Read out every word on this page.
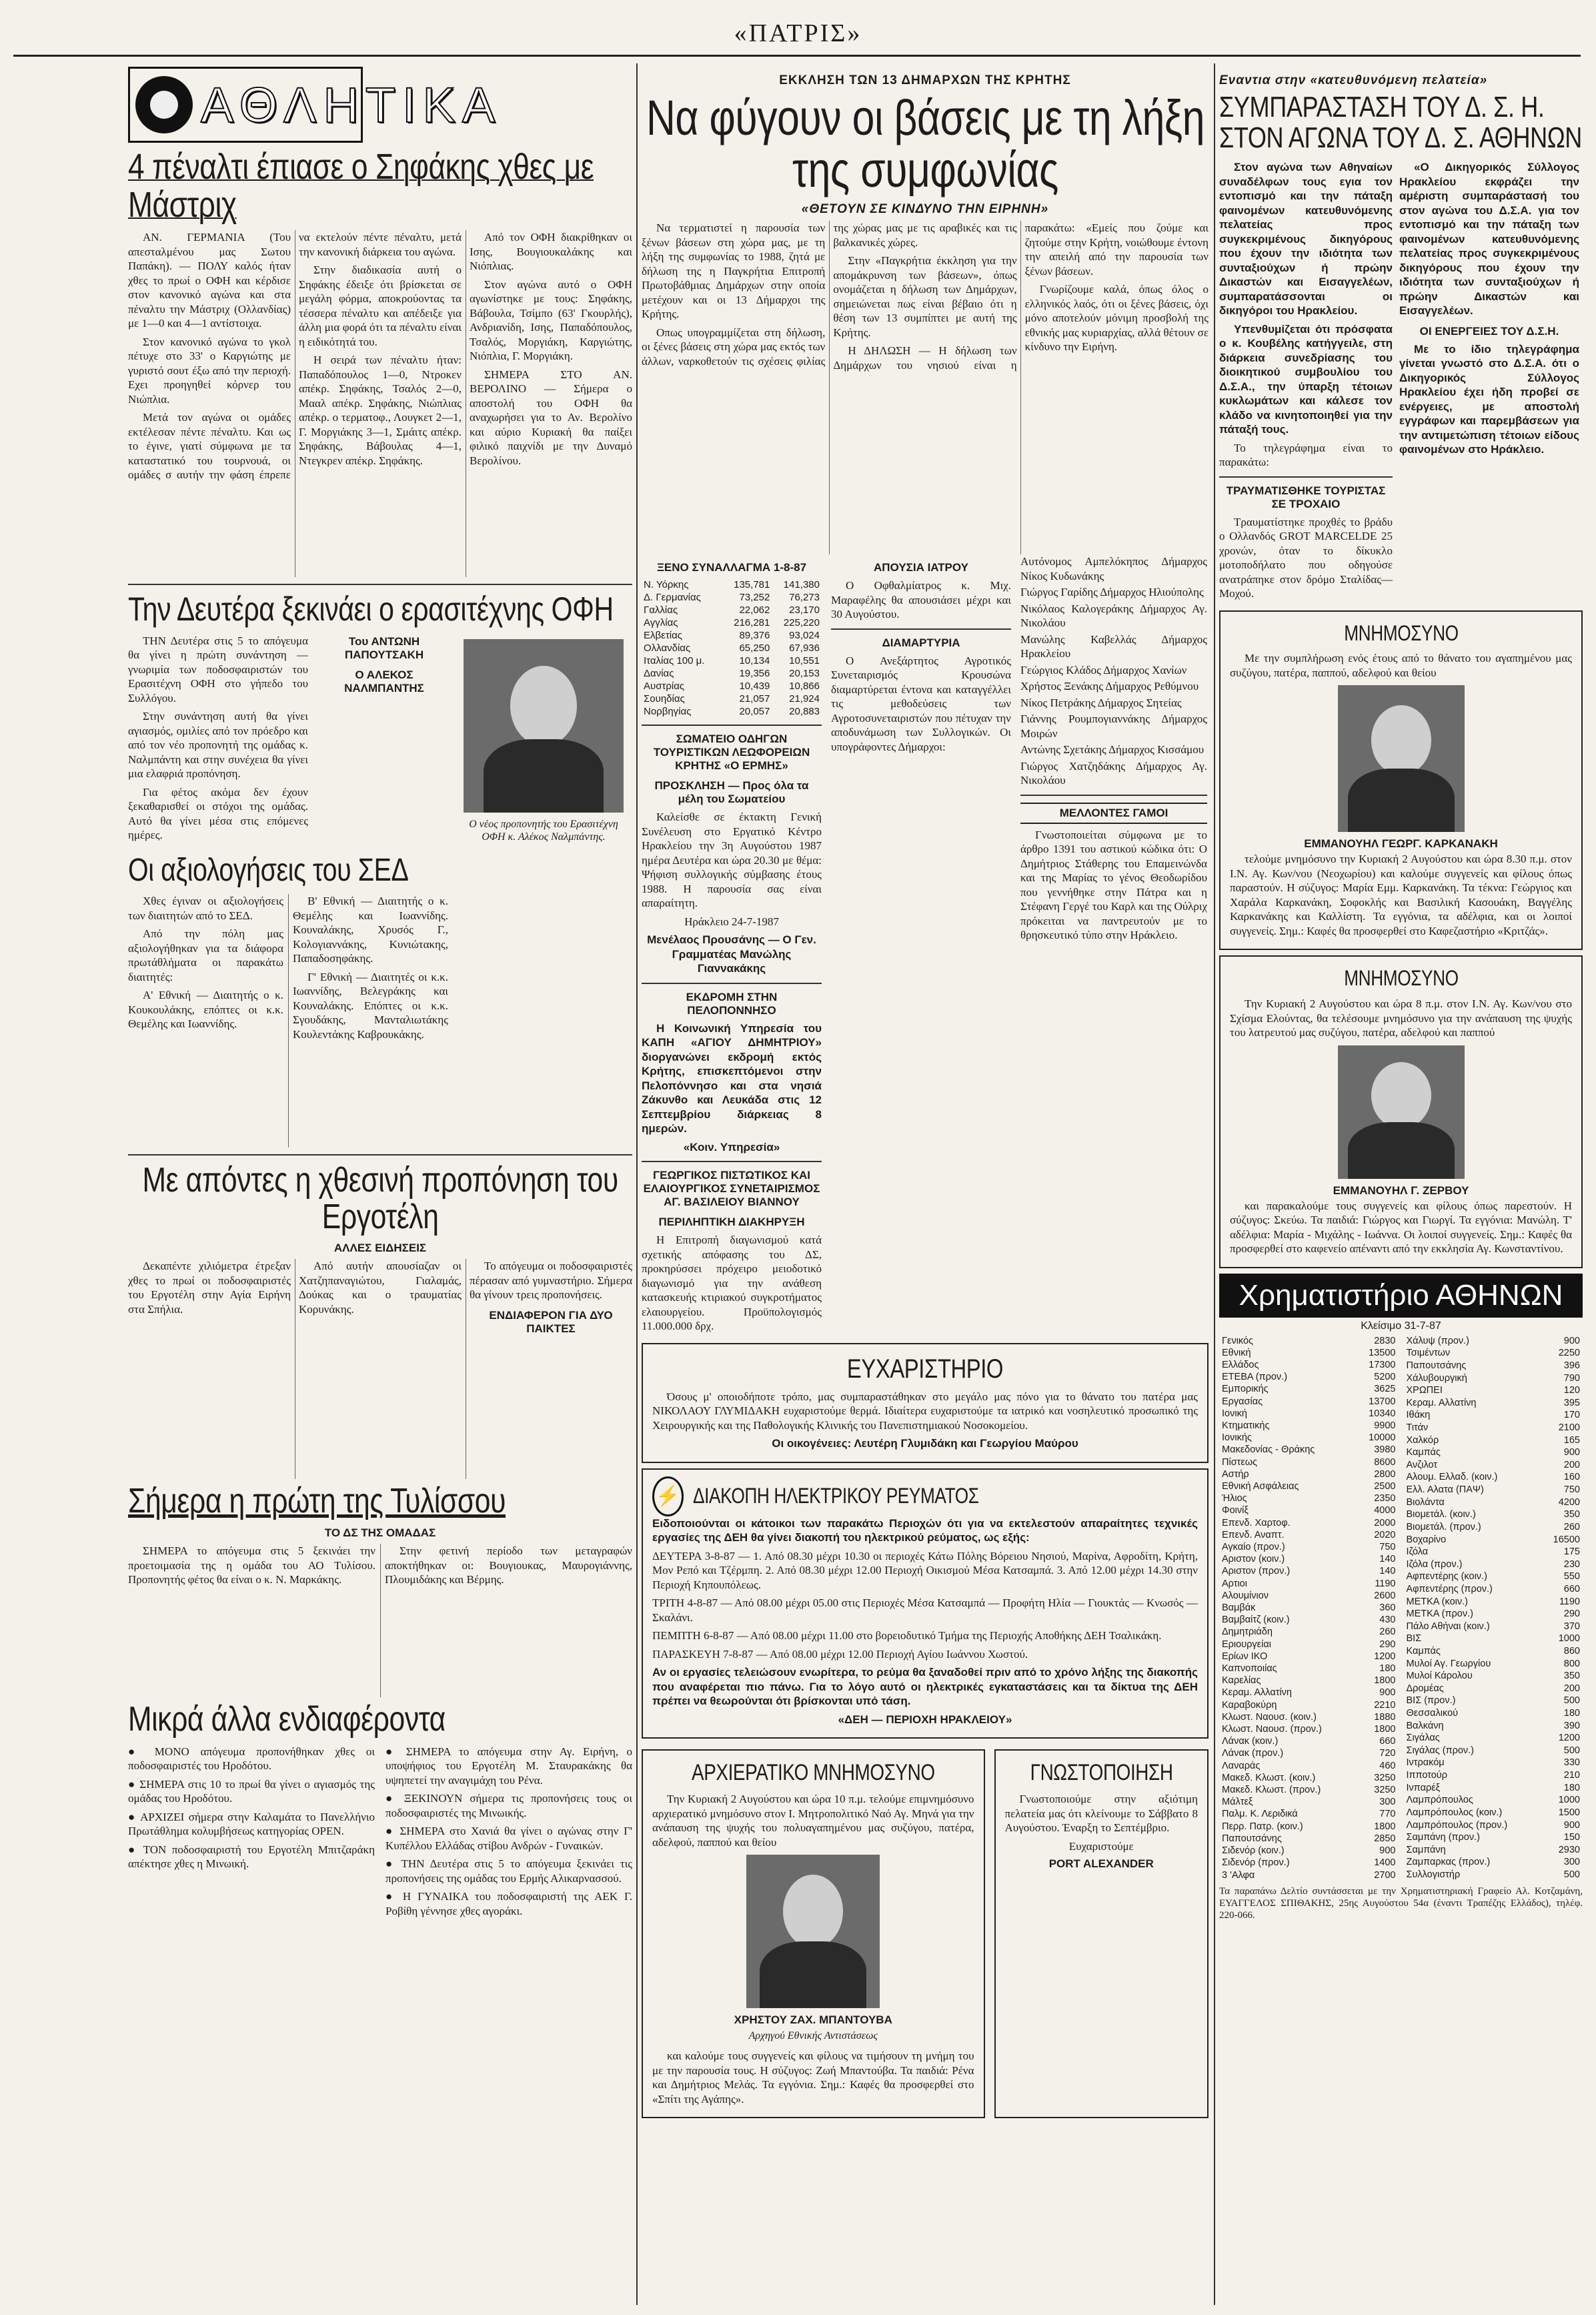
«ΠΑΤΡΙΣ»
ΑΘΛΗΤΙΚΑ
4 πέναλτι έπιασε ο Σηφάκης χθες με Μάστριχ

ΑΝ. ΓΕΡΜΑΝΙΑ (Του απεσταλμένου μας Σωτου Παπάκη). — ΠΟΛΥ καλός ήταν χθες το πρωί ο ΟΦΗ και κέρδισε στον κανονικό αγώνα και στα πέναλτυ την Μάστριχ (Ολλανδίας) με 1—0 και 4—1 αντίστοιχα.

Στον κανονικό αγώνα το γκολ πέτυχε στο 33' ο Καργιώτης με γυριστό σουτ έξω από την περιοχή. Εχει προηγηθεί κόρνερ του Νιώπλια.

Μετά τον αγώνα οι ομάδες εκτέλεσαν πέντε πέναλτυ. Και ως το έγινε, γιατί σύμφωνα με τα καταστατικό του τουρνουά, οι ομάδες σ αυτήν την φάση έπρεπε να εκτελούν πέντε πέναλτυ, μετά την κανονική διάρκεια του αγώνα.

Στην διαδικασία αυτή ο Σηφάκης έδειξε ότι βρίσκεται σε μεγάλη φόρμα, αποκρούοντας τα τέσσερα πέναλτυ και απέδειξε για άλλη μια φορά ότι τα πέναλτυ είναι η ειδικότητά του.

Η σειρά των πέναλτυ ήταν: Παπαδόπουλος 1—0, Ντροκεν απέκρ. Σηφάκης, Τσαλός 2—0, Μααλ απέκρ. Σηφάκης, Νιώπλιας απέκρ. ο τερματοφ., Λουγκετ 2—1, Γ. Μοργιάκης 3—1, Σμάιτς απέκρ. Σηφάκης, Βάβουλας 4—1, Ντεγκρεν απέκρ. Σηφάκης.

Από τον ΟΦΗ διακρίθηκαν οι Ισης, Βουγιουκαλάκης και Νιόπλιας.

Στον αγώνα αυτό ο ΟΦΗ αγωνίστηκε με τους: Σηφάκης, Βάβουλα, Τσίμπο (63' Γκουρλής), Ανδριανίδη, Ισης, Παπαδόπουλος, Τσαλός, Μοργιάκη, Καργιώτης, Νιόπλια, Γ. Μοργιάκη.

ΣΗΜΕΡΑ ΣΤΟ ΑΝ. ΒΕΡΟΛΙΝΟ — Σήμερα ο αποστολή του ΟΦΗ θα αναχωρήσει για το Αν. Βερολίνο και αύριο Κυριακή θα παίξει φιλικό παιχνίδι με την Δυναμό Βερολίνου.

Την Δευτέρα ξεκινάει ο ερασιτέχνης ΟΦΗ

ΤΗΝ Δευτέρα στις 5 το απόγευμα θα γίνει η πρώτη συνάντηση — γνωριμία των ποδοσφαιριστών του Ερασιτέχνη ΟΦΗ στο γήπεδο του Συλλόγου.

Στην συνάντηση αυτή θα γίνει αγιασμός, ομιλίες από τον πρόεδρο και από τον νέο προπονητή της ομάδας κ. Ναλμπάντη και στην συνέχεια θα γίνει μια ελαφριά προπόνηση.

Για φέτος ακόμα δεν έχουν ξεκαθαρισθεί οι στόχοι της ομάδας. Αυτό θα γίνει μέσα στις επόμενες ημέρες.

Του ΑΝΤΩΝΗ ΠΑΠΟΥΤΣΑΚΗ
Ο ΑΛΕΚΟΣ ΝΑΛΜΠΑΝΤΗΣ
Ο νέος προπονητής του Ερασιτέχνη ΟΦΗ κ. Αλέκος Ναλμπάντης.
Οι αξιολογήσεις του ΣΕΔ

Χθες έγιναν οι αξιολογήσεις των διαιτητών από το ΣΕΔ.

Από την πόλη μας αξιολογήθηκαν για τα διάφορα πρωτάθλήματα οι παρακάτω διαιτητές:

Α' Εθνική — Διαιτητής ο κ. Κουκουλάκης, επόπτες οι κ.κ. Θεμέλης και Ιωαννίδης.

Β' Εθνική — Διαιτητής ο κ. Θεμέλης και Ιωαννίδης. Κουναλάκης, Χρυσός Γ., Κολογιαννάκης, Κυνιώτακης, Παπαδοσηφάκης.

Γ' Εθνική — Διαιτητές οι κ.κ. Ιωαννίδης, Βελεγράκης και Κουναλάκης. Επόπτες οι κ.κ. Σγουδάκης, Μανταλιωτάκης Κουλεντάκης Καβρουκάκης.

Με απόντες η χθεσινή προπόνηση του Εργοτέλη
ΑΛΛΕΣ ΕΙΔΗΣΕΙΣ

Δεκαπέντε χιλιόμετρα έτρεξαν χθες το πρωί οι ποδοσφαιριστές του Εργοτέλη στην Αγία Ειρήνη στα Σπήλια.

Από αυτήν απουσίαζαν οι Χατζηπαναγιώτου, Γιαλαμάς, Δούκας και ο τραυματίας Κορυνάκης.

Το απόγευμα οι ποδοσφαιριστές πέρασαν από γυμναστήριο. Σήμερα θα γίνουν τρεις προπονήσεις.

ΕΝΔΙΑΦΕΡΟΝ ΓΙΑ ΔΥΟ ΠΑΙΚΤΕΣ
Σήμερα η πρώτη της Τυλίσσου
ΤΟ ΔΣ ΤΗΣ ΟΜΑΔΑΣ

ΣΗΜΕΡΑ το απόγευμα στις 5 ξεκινάει την προετοιμασία της η ομάδα του ΑΟ Τυλίσου. Προπονητής φέτος θα είναι ο κ. Ν. Μαρκάκης.

Στην φετινή περίοδο των μεταγραφών αποκτήθηκαν οι: Βουγιουκας, Μαυρογιάννης, Πλουμιδάκης και Βέρμης.

Μικρά άλλα ενδιαφέροντα

● ΜΟΝΟ απόγευμα προπονήθηκαν χθες οι ποδοσφαιριστές του Ηροδότου.

● ΣΗΜΕΡΑ στις 10 το πρωί θα γίνει ο αγιασμός της ομάδας του Ηροδότου.

● ΑΡΧΙΖΕΙ σήμερα στην Καλαμάτα το Πανελλήνιο Πρωτάθλημα κολυμβήσεως κατηγορίας ΟΡΕΝ.

● ΤΟΝ ποδοσφαιριστή του Εργοτέλη Μπιτζαράκη απέκτησε χθες η Μινωική.

● ΣΗΜΕΡΑ το απόγευμα στην Αγ. Ειρήνη, ο υποψήφιος του Εργοτέλη Μ. Σταυρακάκης θα υψηπετεί την αναγιμάχη του Ρένα.

● ΞΕΚΙΝΟΥΝ σήμερα τις προπονήσεις τους οι ποδοσφαιριστές της Μινωικής.

● ΣΗΜΕΡΑ στο Χανιά θα γίνει ο αγώνας στην Γ' Κυπέλλου Ελλάδας στίβου Ανδρών - Γυναικών.

● ΤΗΝ Δευτέρα στις 5 το απόγευμα ξεκινάει τις προπονήσεις της ομάδας του Ερμής Αλικαρνασσού.

● Η ΓΥΝΑΙΚΑ του ποδοσφαιριστή της ΑΕΚ Γ. Ροβίθη γέννησε χθες αγοράκι.

ΕΚΚΛΗΣΗ ΤΩΝ 13 ΔΗΜΑΡΧΩΝ ΤΗΣ ΚΡΗΤΗΣ
Να φύγουν οι βάσεις με τη λήξη της συμφωνίας
«ΘΕΤΟΥΝ ΣΕ ΚΙΝΔΥΝΟ ΤΗΝ ΕΙΡΗΝΗ»

Να τερματιστεί η παρουσία των ξένων βάσεων στη χώρα μας, με τη λήξη της συμφωνίας το 1988, ζητά με δήλωση της η Παγκρήτια Επιτροπή Πρωτοβάθμιας Δημάρχων στην οποία μετέχουν και οι 13 Δήμαρχοι της Κρήτης.

Οπως υπογραμμίζεται στη δήλωση, οι ξένες βάσεις στη χώρα μας εκτός των άλλων, ναρκοθετούν τις σχέσεις φιλίας της χώρας μας με τις αραβικές και τις βαλκανικές χώρες.

Στην «Παγκρήτια έκκληση για την απομάκρυνση των βάσεων», όπως ονομάζεται η δήλωση των Δημάρχων, σημειώνεται πως είναι βέβαιο ότι η θέση των 13 συμπίπτει με αυτή της Κρήτης.

Η ΔΗΛΩΣΗ — Η δήλωση των Δημάρχων του νησιού είναι η παρακάτω: «Εμείς που ζούμε και ζητούμε στην Κρήτη, νοιώθουμε έντονη την απειλή από την παρουσία των ξένων βάσεων.

Γνωρίζουμε καλά, όπως όλος ο ελληνικός λαός, ότι οι ξένες βάσεις, όχι μόνο αποτελούν μόνιμη προσβολή της εθνικής μας κυριαρχίας, αλλά θέτουν σε κίνδυνο την Ειρήνη.

ΞΕΝΟ ΣΥΝΑΛΛΑΓΜΑ 1-8-87
Ν. Υόρκης	135,781	141,380
Δ. Γερμανίας	73,252	76,273
Γαλλίας	22,062	23,170
Αγγλίας	216,281	225,220
Ελβετίας	89,376	93,024
Ολλανδίας	65,250	67,936
Ιταλίας 100 μ.	10,134	10,551
Δανίας	19,356	20,153
Αυστρίας	10,439	10,866
Σουηδίας	21,057	21,924
Νορβηγίας	20,057	20,883
ΣΩΜΑΤΕΙΟ ΟΔΗΓΩΝ ΤΟΥΡΙΣΤΙΚΩΝ ΛΕΩΦΟΡΕΙΩΝ ΚΡΗΤΗΣ «Ο ΕΡΜΗΣ»
ΠΡΟΣΚΛΗΣΗ — Προς όλα τα μέλη του Σωματείου

Καλείσθε σε έκτακτη Γενική Συνέλευση στο Εργατικό Κέντρο Ηρακλείου την 3η Αυγούστου 1987 ημέρα Δευτέρα και ώρα 20.30 με θέμα: Ψήφιση συλλογικής σύμβασης έτους 1988. Η παρουσία σας είναι απαραίτητη.

Ηράκλειο 24-7-1987

Μενέλαος Προυσάνης — Ο Γεν. Γραμματέας Μανώλης Γιαννακάκης

ΕΚΔΡΟΜΗ ΣΤΗΝ ΠΕΛΟΠΟΝΝΗΣΟ

Η Κοινωνική Υπηρεσία του ΚΑΠΗ «ΑΓΙΟΥ ΔΗΜΗΤΡΙΟΥ» διοργανώνει εκδρομή εκτός Κρήτης, επισκεπτόμενοι στην Πελοπόννησο και στα νησιά Ζάκυνθο και Λευκάδα στις 12 Σεπτεμβρίου διάρκειας 8 ημερών.

«Κοιν. Υπηρεσία»

ΓΕΩΡΓΙΚΟΣ ΠΙΣΤΩΤΙΚΟΣ ΚΑΙ ΕΛΑΙΟΥΡΓΙΚΟΣ ΣΥΝΕΤΑΙΡΙΣΜΟΣ ΑΓ. ΒΑΣΙΛΕΙΟΥ ΒΙΑΝΝΟΥ
ΠΕΡΙΛΗΠΤΙΚΗ ΔΙΑΚΗΡΥΞΗ

Η Επιτροπή διαγωνισμού κατά σχετικής απόφασης του ΔΣ, προκηρύσσει πρόχειρο μειοδοτικό διαγωνισμό για την ανάθεση κατασκευής κτιριακού συγκροτήματος ελαιουργείου. Προϋπολογισμός 11.000.000 δρχ.

ΑΠΟΥΣΙΑ ΙΑΤΡΟΥ

Ο Οφθαλμίατρος κ. Μιχ. Μαραφέλης θα απουσιάσει μέχρι και 30 Αυγούστου.

ΔΙΑΜΑΡΤΥΡΙΑ

Ο Ανεξάρτητος Αγροτικός Συνεταιρισμός Κρουσώνα διαμαρτύρεται έντονα και καταγγέλλει τις μεθοδεύσεις των Αγροτοσυνεταιριστών που πέτυχαν την αποδυνάμωση των Συλλογικών. Οι υπογράφοντες Δήμαρχοι:

Αυτόνομος Αμπελόκηπος Δήμαρχος Νίκος Κυδωνάκης

Γιώργος Γαρίδης Δήμαρχος Ηλιούπολης

Νικόλαος Καλογεράκης Δήμαρχος Αγ. Νικολάου

Μανώλης Καβελλάς Δήμαρχος Ηρακλείου

Γεώργιος Κλάδος Δήμαρχος Χανίων

Χρήστος Ξενάκης Δήμαρχος Ρεθύμνου

Νίκος Πετράκης Δήμαρχος Σητείας

Γιάννης Ρουμπογιαννάκης Δήμαρχος Μοιρών

Αντώνης Σχετάκης Δήμαρχος Κισσάμου

Γιώργος Χατζηδάκης Δήμαρχος Αγ. Νικολάου

ΜΕΛΛΟΝΤΕΣ ΓΑΜΟΙ

Γνωστοποιείται σύμφωνα με το άρθρο 1391 του αστικού κώδικα ότι: Ο Δημήτριος Στάθερης του Επαμεινώνδα και της Μαρίας το γένος Θεοδωρίδου που γεννήθηκε στην Πάτρα και η Στέφανη Γεργέ του Καρλ και της Ούλριχ πρόκειται να παντρευτούν με το θρησκευτικό τύπο στην Ηράκλειο.

ΕΥΧΑΡΙΣΤΗΡΙΟ

Όσους μ' οποιοδήποτε τρόπο, μας συμπαραστάθηκαν στο μεγάλο μας πόνο για το θάνατο του πατέρα μας ΝΙΚΟΛΑΟΥ ΓΛΥΜΙΔΑΚΗ ευχαριστούμε θερμά. Ιδιαίτερα ευχαριστούμε τα ιατρικό και νοσηλευτικό προσωπικό της Χειρουργικής και της Παθολογικής Κλινικής του Πανεπιστημιακού Νοσοκομείου.

Οι οικογένειες: Λευτέρη Γλυμιδάκη και Γεωργίου Μαύρου

⚡ ΔΙΑΚΟΠΗ ΗΛΕΚΤΡΙΚΟΥ ΡΕΥΜΑΤΟΣ

Ειδοποιούνται οι κάτοικοι των παρακάτω Περιοχών ότι για να εκτελεστούν απαραίτητες τεχνικές εργασίες της ΔΕΗ θα γίνει διακοπή του ηλεκτρικού ρεύματος, ως εξής:

ΔΕΥΤΕΡΑ 3-8-87 — 1. Από 08.30 μέχρι 10.30 οι περιοχές Κάτω Πόλης Βόρειου Νησιού, Μαρίνα, Αφροδίτη, Κρήτη, Μον Ρεπό και Τζέρμπη. 2. Από 08.30 μέχρι 12.00 Περιοχή Οικισμού Μέσα Κατσαμπά. 3. Από 12.00 μέχρι 14.30 στην Περιοχή Κηπουπόλεως.

ΤΡΙΤΗ 4-8-87 — Από 08.00 μέχρι 05.00 στις Περιοχές Μέσα Κατσαμπά — Προφήτη Ηλία — Γιουκτάς — Κνωσός — Σκαλάνι.

ΠΕΜΠΤΗ 6-8-87 — Από 08.00 μέχρι 11.00 στο βορειοδυτικό Τμήμα της Περιοχής Αποθήκης ΔΕΗ Τσαλικάκη.

ΠΑΡΑΣΚΕΥΗ 7-8-87 — Από 08.00 μέχρι 12.00 Περιοχή Αγίου Ιωάννου Χωστού.

Αν οι εργασίες τελειώσουν ενωρίτερα, το ρεύμα θα ξαναδοθεί πριν από το χρόνο λήξης της διακοπής που αναφέρεται πιο πάνω. Για το λόγο αυτό οι ηλεκτρικές εγκαταστάσεις και τα δίκτυα της ΔΕΗ πρέπει να θεωρούνται ότι βρίσκονται υπό τάση.

«ΔΕΗ — ΠΕΡΙΟΧΗ ΗΡΑΚΛΕΙΟΥ»

ΑΡΧΙΕΡΑΤΙΚΟ ΜΝΗΜΟΣΥΝΟ

Την Κυριακή 2 Αυγούστου και ώρα 10 π.μ. τελούμε επιμνημόσυνο αρχιερατικό μνημόσυνο στον Ι. Μητροπολιτικό Ναό Αγ. Μηνά για την ανάπαυση της ψυχής του πολυαγαπημένου μας συζύγου, πατέρα, αδελφού, παππού και θείου

ΧΡΗΣΤΟΥ ΖΑΧ. ΜΠΑΝΤΟΥΒΑ
Αρχηγού Εθνικής Αντιστάσεως

και καλούμε τους συγγενείς και φίλους να τιμήσουν τη μνήμη του με την παρουσία τους. Η σύζυγος: Ζωή Μπαντούβα. Τα παιδιά: Ρένα και Δημήτριος Μελάς. Τα εγγόνια. Σημ.: Καφές θα προσφερθεί στο «Σπίτι της Αγάπης».

ΓΝΩΣΤΟΠΟΙΗΣΗ

Γνωστοποιούμε στην αξιότιμη πελατεία μας ότι κλείνουμε το Σάββατο 8 Αυγούστου. Έναρξη το Σεπτέμβριο.

Ευχαριστούμε

PORT ALEXANDER
Εναντια στην «κατευθυνόμενη πελατεία»
ΣΥΜΠΑΡΑΣΤΑΣΗ ΤΟΥ Δ. Σ. Η. ΣΤΟΝ ΑΓΩΝΑ ΤΟΥ Δ. Σ. ΑΘΗΝΩΝ

Στον αγώνα των Αθηναίων συναδέλφων τους εγια τον εντοπισμό και την πάταξη φαινομένων κατευθυνόμενης πελατείας προς συγκεκριμένους δικηγόρους που έχουν την ιδιότητα των συνταξιούχων ή πρώην Δικαστών και Εισαγγελέων, συμπαρατάσσονται οι δικηγόροι του Ηρακλείου.

Υπενθυμίζεται ότι πρόσφατα ο κ. Κουβέλης κατήγγειλε, στη διάρκεια συνεδρίασης του διοικητικού συμβουλίου του Δ.Σ.Α., την ύπαρξη τέτοιων κυκλωμάτων και κάλεσε τον κλάδο να κινητοποιηθεί για την πάταξή τους.

Το τηλεγράφημα είναι το παρακάτω:

ΤΡΑΥΜΑΤΙΣΘΗΚΕ ΤΟΥΡΙΣΤΑΣ ΣΕ ΤΡΟΧΑΙΟ

Τραυματίστηκε προχθές το βράδυ ο Ολλανδός GROT MARCELDE 25 χρονών, όταν το δίκυκλο μοτοποδήλατο που οδηγούσε ανατράπηκε στον δρόμο Σταλίδας—Μοχού.

«Ο Δικηγορικός Σύλλογος Ηρακλείου εκφράζει την αμέριστη συμπαράστασή του στον αγώνα του Δ.Σ.Α. για τον εντοπισμό και την πάταξη των φαινομένων κατευθυνόμενης πελατείας προς συγκεκριμένους δικηγόρους που έχουν την ιδιότητα των συνταξιούχων ή πρώην Δικαστών και Εισαγγελέων.

OI ΕΝΕΡΓΕΙΕΣ ΤΟΥ Δ.Σ.Η.

Με το ίδιο τηλεγράφημα γίνεται γνωστό στο Δ.Σ.Α. ότι ο Δικηγορικός Σύλλογος Ηρακλείου έχει ήδη προβεί σε ενέργειες, με αποστολή εγγράφων και παρεμβάσεων για την αντιμετώπιση τέτοιων είδους φαινομένων στο Ηράκλειο.

ΜΝΗΜΟΣΥΝΟ

Με την συμπλήρωση ενός έτους από το θάνατο του αγαπημένου μας συζύγου, πατέρα, παππού, αδελφού και θείου

ΕΜΜΑΝΟΥΗΛ ΓΕΩΡΓ. ΚΑΡΚΑΝΑΚΗ

τελούμε μνημόσυνο την Κυριακή 2 Αυγούστου και ώρα 8.30 π.μ. στον Ι.Ν. Αγ. Κων/νου (Νεοχωρίου) και καλούμε συγγενείς και φίλους όπως παραστούν. Η σύζυγος: Μαρία Εμμ. Καρκανάκη. Τα τέκνα: Γεώργιος και Χαράλα Καρκανάκη, Σοφοκλής και Βασιλική Κασουάκη, Βαγγέλης Καρκανάκης και Καλλίστη. Τα εγγόνια, τα αδέλφια, και οι λοιποί συγγενείς. Σημ.: Καφές θα προσφερθεί στο Καφεζαστήριο «Κριτζάς».

ΜΝΗΜΟΣΥΝΟ

Την Κυριακή 2 Αυγούστου και ώρα 8 π.μ. στον Ι.Ν. Αγ. Κων/νου στο Σχίσμα Ελούντας, θα τελέσουμε μνημόσυνο για την ανάπαυση της ψυχής του λατρευτού μας συζύγου, πατέρα, αδελφού και παππού

ΕΜΜΑΝΟΥΗΛ Γ. ΖΕΡΒΟΥ

και παρακαλούμε τους συγγενείς και φίλους όπως παρεστούν. Η σύζυγος: Σκεύω. Τα παιδιά: Γιώργος και Γιωργί. Τα εγγόνια: Μανώλη. Τ' αδέλφια: Μαρία - Μιχάλης - Ιωάννα. Οι λοιποί συγγενείς. Σημ.: Καφές θα προσφερθεί στο καφενείο απέναντι από την εκκλησία Αγ. Κωνσταντίνου.

Χρηματιστήριο ΑΘΗΝΩΝ
Κλείσιμο 31-7-87
Γενικός	2830
Εθνική	13500
Ελλάδος	17300
ΕΤΕΒΑ (προν.)	5200
Εμπορικής	3625
Εργασίας	13700
Ιονική	10340
Κτηματικής	9900
Ιονικής	10000
Μακεδονίας - Θράκης	3980
Πίστεως	8600
Αστήρ	2800
Εθνική Ασφάλειας	2500
Ήλιος	2350
Φοινίξ	4000
Επενδ. Χαρτοφ.	2000
Επενδ. Αναπτ.	2020
Αγκαίο (προν.)	750
Αριστον (κοιν.)	140
Αριστον (προν.)	140
Αρτιοι	1190
Αλουμίνιον	2600
Βαμβάκ	360
Βαμβαίτζ (κοιν.)	430
Δημητριάδη	260
Εριουργείαι	290
Ερίων ΙΚΟ	1200
Καπνοποιίας	180
Καρελίας	1800
Κεραμ. Αλλατίνη	900
Καραβοκύρη	2210
Κλωστ. Ναουσ. (κοιν.)	1880
Κλωστ. Ναουσ. (προν.)	1800
Λάνακ (κοιν.)	660
Λάνακ (προν.)	720
Λαναράς	460
Μακεδ. Κλωστ. (κοιν.)	3250
Μακεδ. Κλωστ. (προν.)	3250
Μάλτεξ	300
Παλμ. Κ. Λεριδικά	770
Περρ. Πατρ. (κοιν.)	1800
Παπουτσάνης	2850
Σιδενόρ (κοιν.)	900
Σιδενόρ (προν.)	1400
3 'Αλφα	2700
Χάλυψ (προν.)	900
Τσιμέντων	2250
Παπουτσάνης	396
Χάλυβουργική	790
ΧΡΩΠΕΙ	120
Κεραμ. Αλλατίνη	395
Ιθάκη	170
Τιτάν	2100
Χαλκόρ	165
Καμπάς	900
Ανζιλοτ	200
Αλουμ. Ελλαδ. (κοιν.)	160
Ελλ. Αλατα (ΠΑΨ)	750
Βιολάντα	4200
Βιομετάλ. (κοιν.)	350
Βιομετάλ. (προν.)	260
Βοχαρίνο	16500
Ιζόλα	175
Ιζόλα (προν.)	230
Αφπεντέρης (κοιν.)	550
Αφπεντέρης (προν.)	660
ΜΕΤΚΑ (κοιν.)	1190
ΜΕΤΚΑ (προν.)	290
Πάλο Αθήναι (κοιν.)	370
ΒΙΣ	1000
Καμπάς	860
Μυλοί Αγ. Γεωργίου	800
Μυλοί Κάρολου	350
Δρομέας	200
ΒΙΣ (προν.)	500
Θεσσαλικού	180
Βαλκάνη	390
Σιγάλας	1200
Σιγάλας (προν.)	500
Ιντρακόμ	330
Ιπποτούρ	210
Ινπαρέξ	180
Λαμπρόπουλος	1000
Λαμπρόπουλος (κοιν.)	1500
Λαμπρόπουλος (προν.)	900
Σαμπάνη (προν.)	150
Σαμπάνη	2930
Ζαμπαρκας (προν.)	300
Συλλογιστήρ	500

Τα παραπάνω Δελτίο συντάσσεται με την Χρηματιστηριακή Γραφείο Αλ. Κοτζαμάνη, ΕΥΑΓΓΕΛΟΣ ΣΠΙΘΑΚΗΣ, 25ης Αυγούστου 54α (έναντι Τραπέζης Ελλάδος), τηλέφ. 220-066.
